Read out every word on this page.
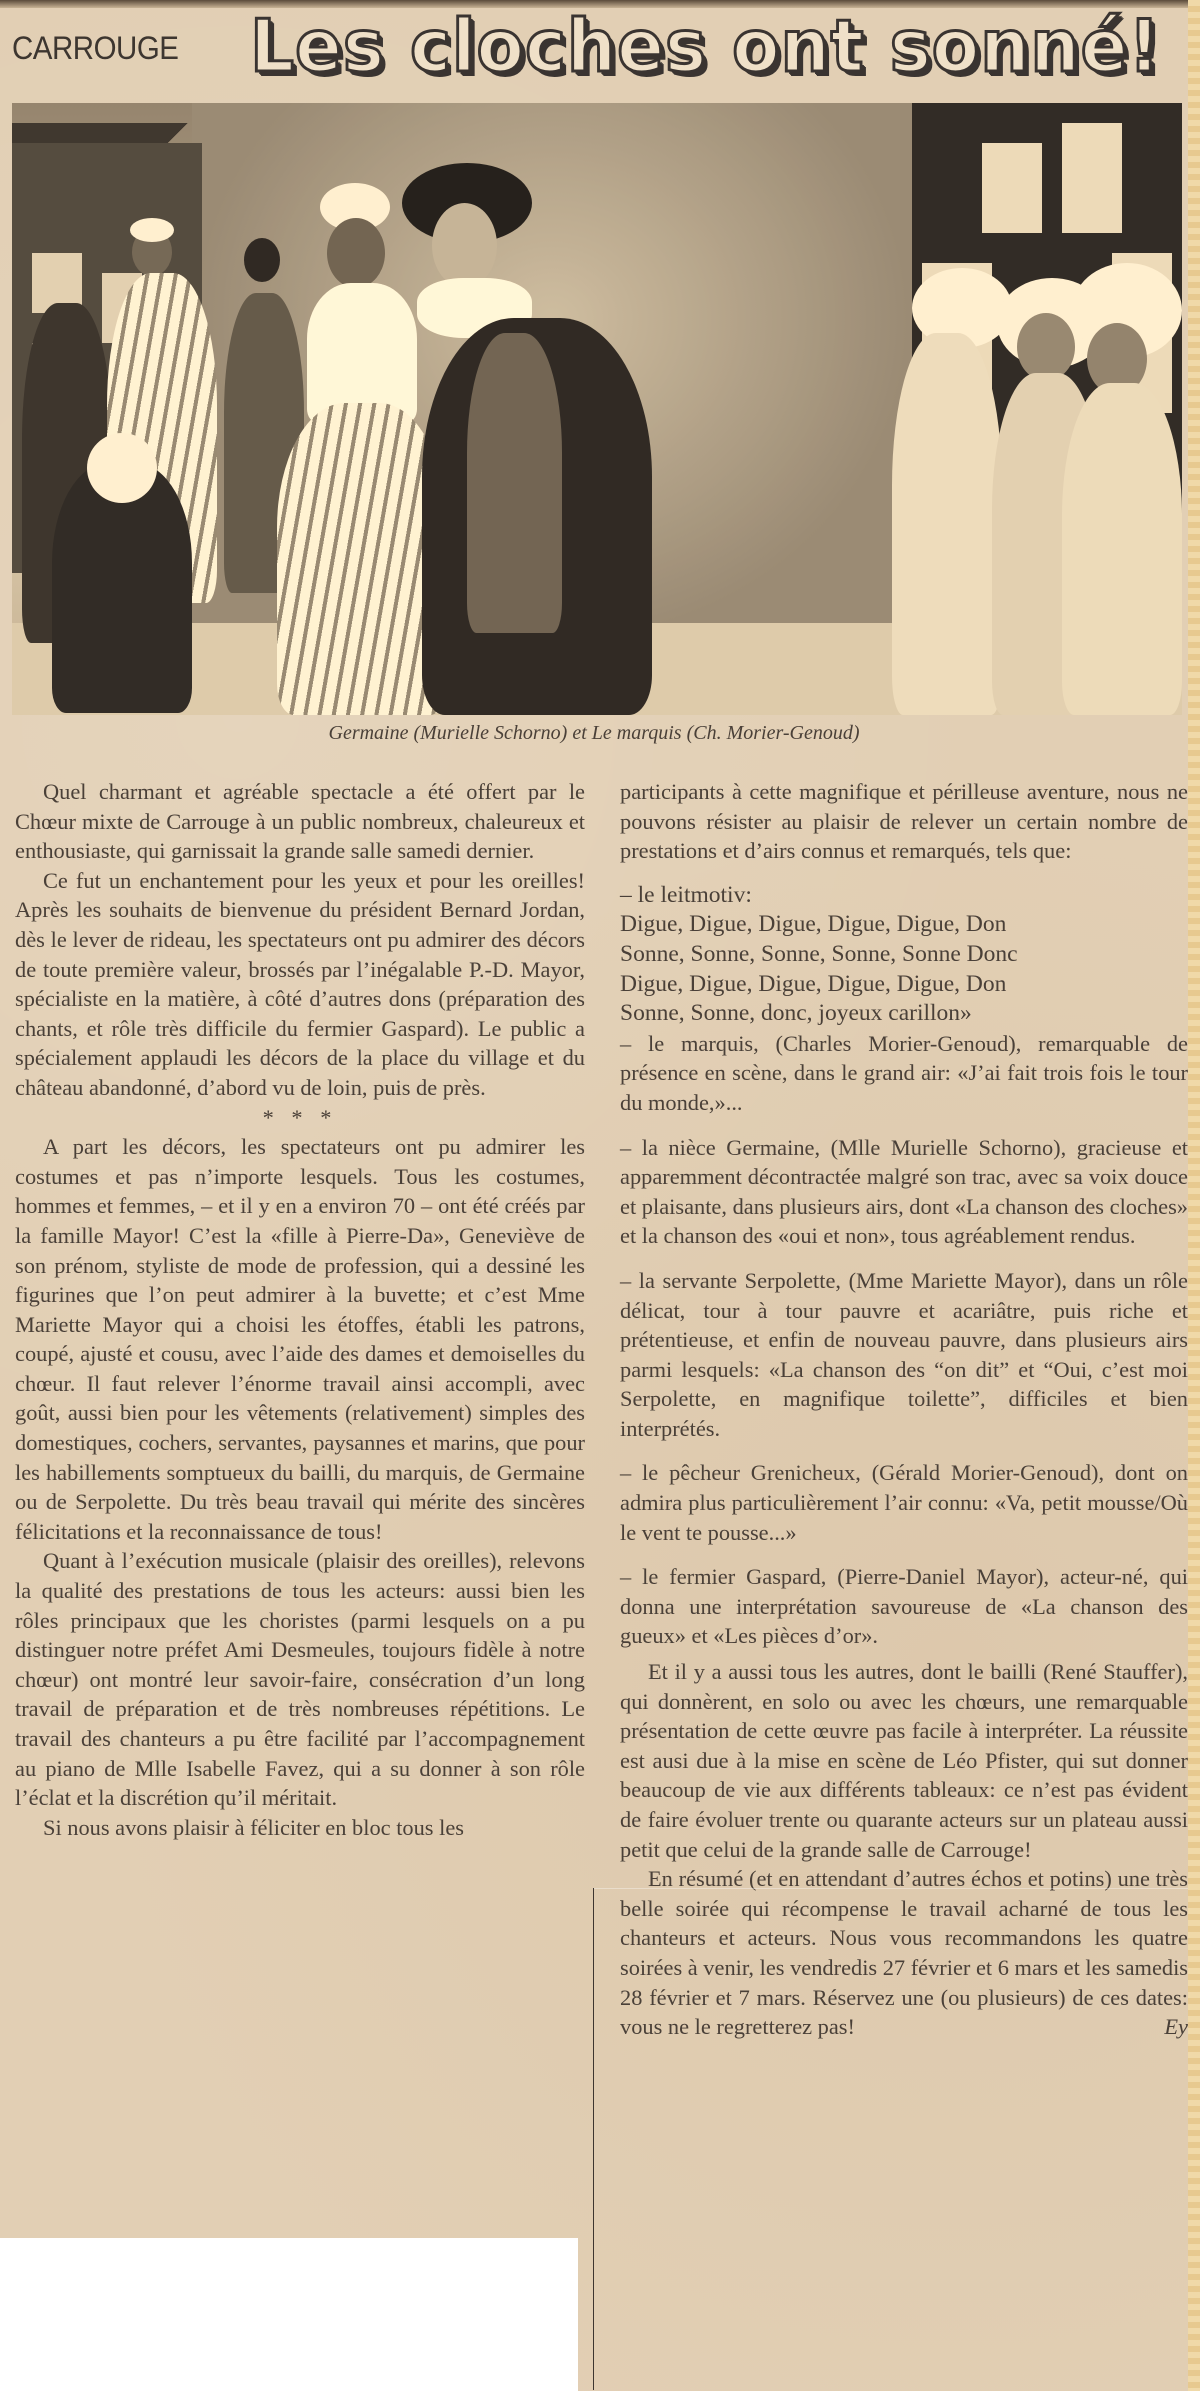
CARROUGE Les cloches ont sonné!
Germaine (Murielle Schorno) et Le marquis (Ch. Morier-Genoud)

Quel charmant et agréable spectacle a été offert par le Chœur mixte de Carrouge à un public nombreux, chaleureux et enthousiaste, qui garnissait la grande salle samedi dernier.

Ce fut un enchantement pour les yeux et pour les oreilles! Après les souhaits de bienvenue du président Bernard Jordan, dès le lever de rideau, les spectateurs ont pu admirer des décors de toute première valeur, brossés par l’inégalable P.-D. Mayor, spécialiste en la matière, à côté d’autres dons (préparation des chants, et rôle très difficile du fermier Gaspard). Le public a spécialement applaudi les décors de la place du village et du château abandonné, d’abord vu de loin, puis de près.

* * *

A part les décors, les spectateurs ont pu admirer les costumes et pas n’importe lesquels. Tous les costumes, hommes et femmes, – et il y en a environ 70 – ont été créés par la famille Mayor! C’est la «fille à Pierre-Da», Geneviève de son prénom, styliste de mode de profession, qui a dessiné les figurines que l’on peut admirer à la buvette; et c’est Mme Mariette Mayor qui a choisi les étoffes, établi les patrons, coupé, ajusté et cousu, avec l’aide des dames et demoiselles du chœur. Il faut relever l’énorme travail ainsi accompli, avec goût, aussi bien pour les vêtements (relativement) simples des domestiques, cochers, servantes, paysannes et marins, que pour les habillements somptueux du bailli, du marquis, de Germaine ou de Serpolette. Du très beau travail qui mérite des sincères félicitations et la reconnaissance de tous!

Quant à l’exécution musicale (plaisir des oreilles), relevons la qualité des prestations de tous les acteurs: aussi bien les rôles principaux que les choristes (parmi lesquels on a pu distinguer notre préfet Ami Desmeules, toujours fidèle à notre chœur) ont montré leur savoir-faire, consécration d’un long travail de préparation et de très nombreuses répétitions. Le travail des chanteurs a pu être facilité par l’accompagnement au piano de Mlle Isabelle Favez, qui a su donner à son rôle l’éclat et la discrétion qu’il méritait.

Si nous avons plaisir à féliciter en bloc tous les

participants à cette magnifique et périlleuse aventure, nous ne pouvons résister au plaisir de relever un certain nombre de prestations et d’airs connus et remarqués, tels que:

– le leitmotiv:

Digue, Digue, Digue, Digue, Digue, Don

Sonne, Sonne, Sonne, Sonne, Sonne Donc

Digue, Digue, Digue, Digue, Digue, Don

Sonne, Sonne, donc, joyeux carillon»

– le marquis, (Charles Morier-Genoud), remarquable de présence en scène, dans le grand air: «J’ai fait trois fois le tour du monde,»...

– la nièce Germaine, (Mlle Murielle Schorno), gracieuse et apparemment décontractée malgré son trac, avec sa voix douce et plaisante, dans plusieurs airs, dont «La chanson des cloches» et la chanson des «oui et non», tous agréablement rendus.

– la servante Serpolette, (Mme Mariette Mayor), dans un rôle délicat, tour à tour pauvre et acariâtre, puis riche et prétentieuse, et enfin de nouveau pauvre, dans plusieurs airs parmi lesquels: «La chanson des “on dit” et “Oui, c’est moi Serpolette, en magnifique toilette”, difficiles et bien interprétés.

– le pêcheur Grenicheux, (Gérald Morier-Genoud), dont on admira plus particulièrement l’air connu: «Va, petit mousse/Où le vent te pousse...»

– le fermier Gaspard, (Pierre-Daniel Mayor), acteur-né, qui donna une interprétation savoureuse de «La chanson des gueux» et «Les pièces d’or».

Et il y a aussi tous les autres, dont le bailli (René Stauffer), qui donnèrent, en solo ou avec les chœurs, une remarquable présentation de cette œuvre pas facile à interpréter. La réussite est ausi due à la mise en scène de Léo Pfister, qui sut donner beaucoup de vie aux différents tableaux: ce n’est pas évident de faire évoluer trente ou quarante acteurs sur un plateau aussi petit que celui de la grande salle de Carrouge!

En résumé (et en attendant d’autres échos et potins) une très belle soirée qui récompense le travail acharné de tous les chanteurs et acteurs. Nous vous recommandons les quatre soirées à venir, les vendredis 27 février et 6 mars et les samedis 28 février et 7 mars. Réservez une (ou plusieurs) de ces dates: vous ne le regretterez pas!	Ey
